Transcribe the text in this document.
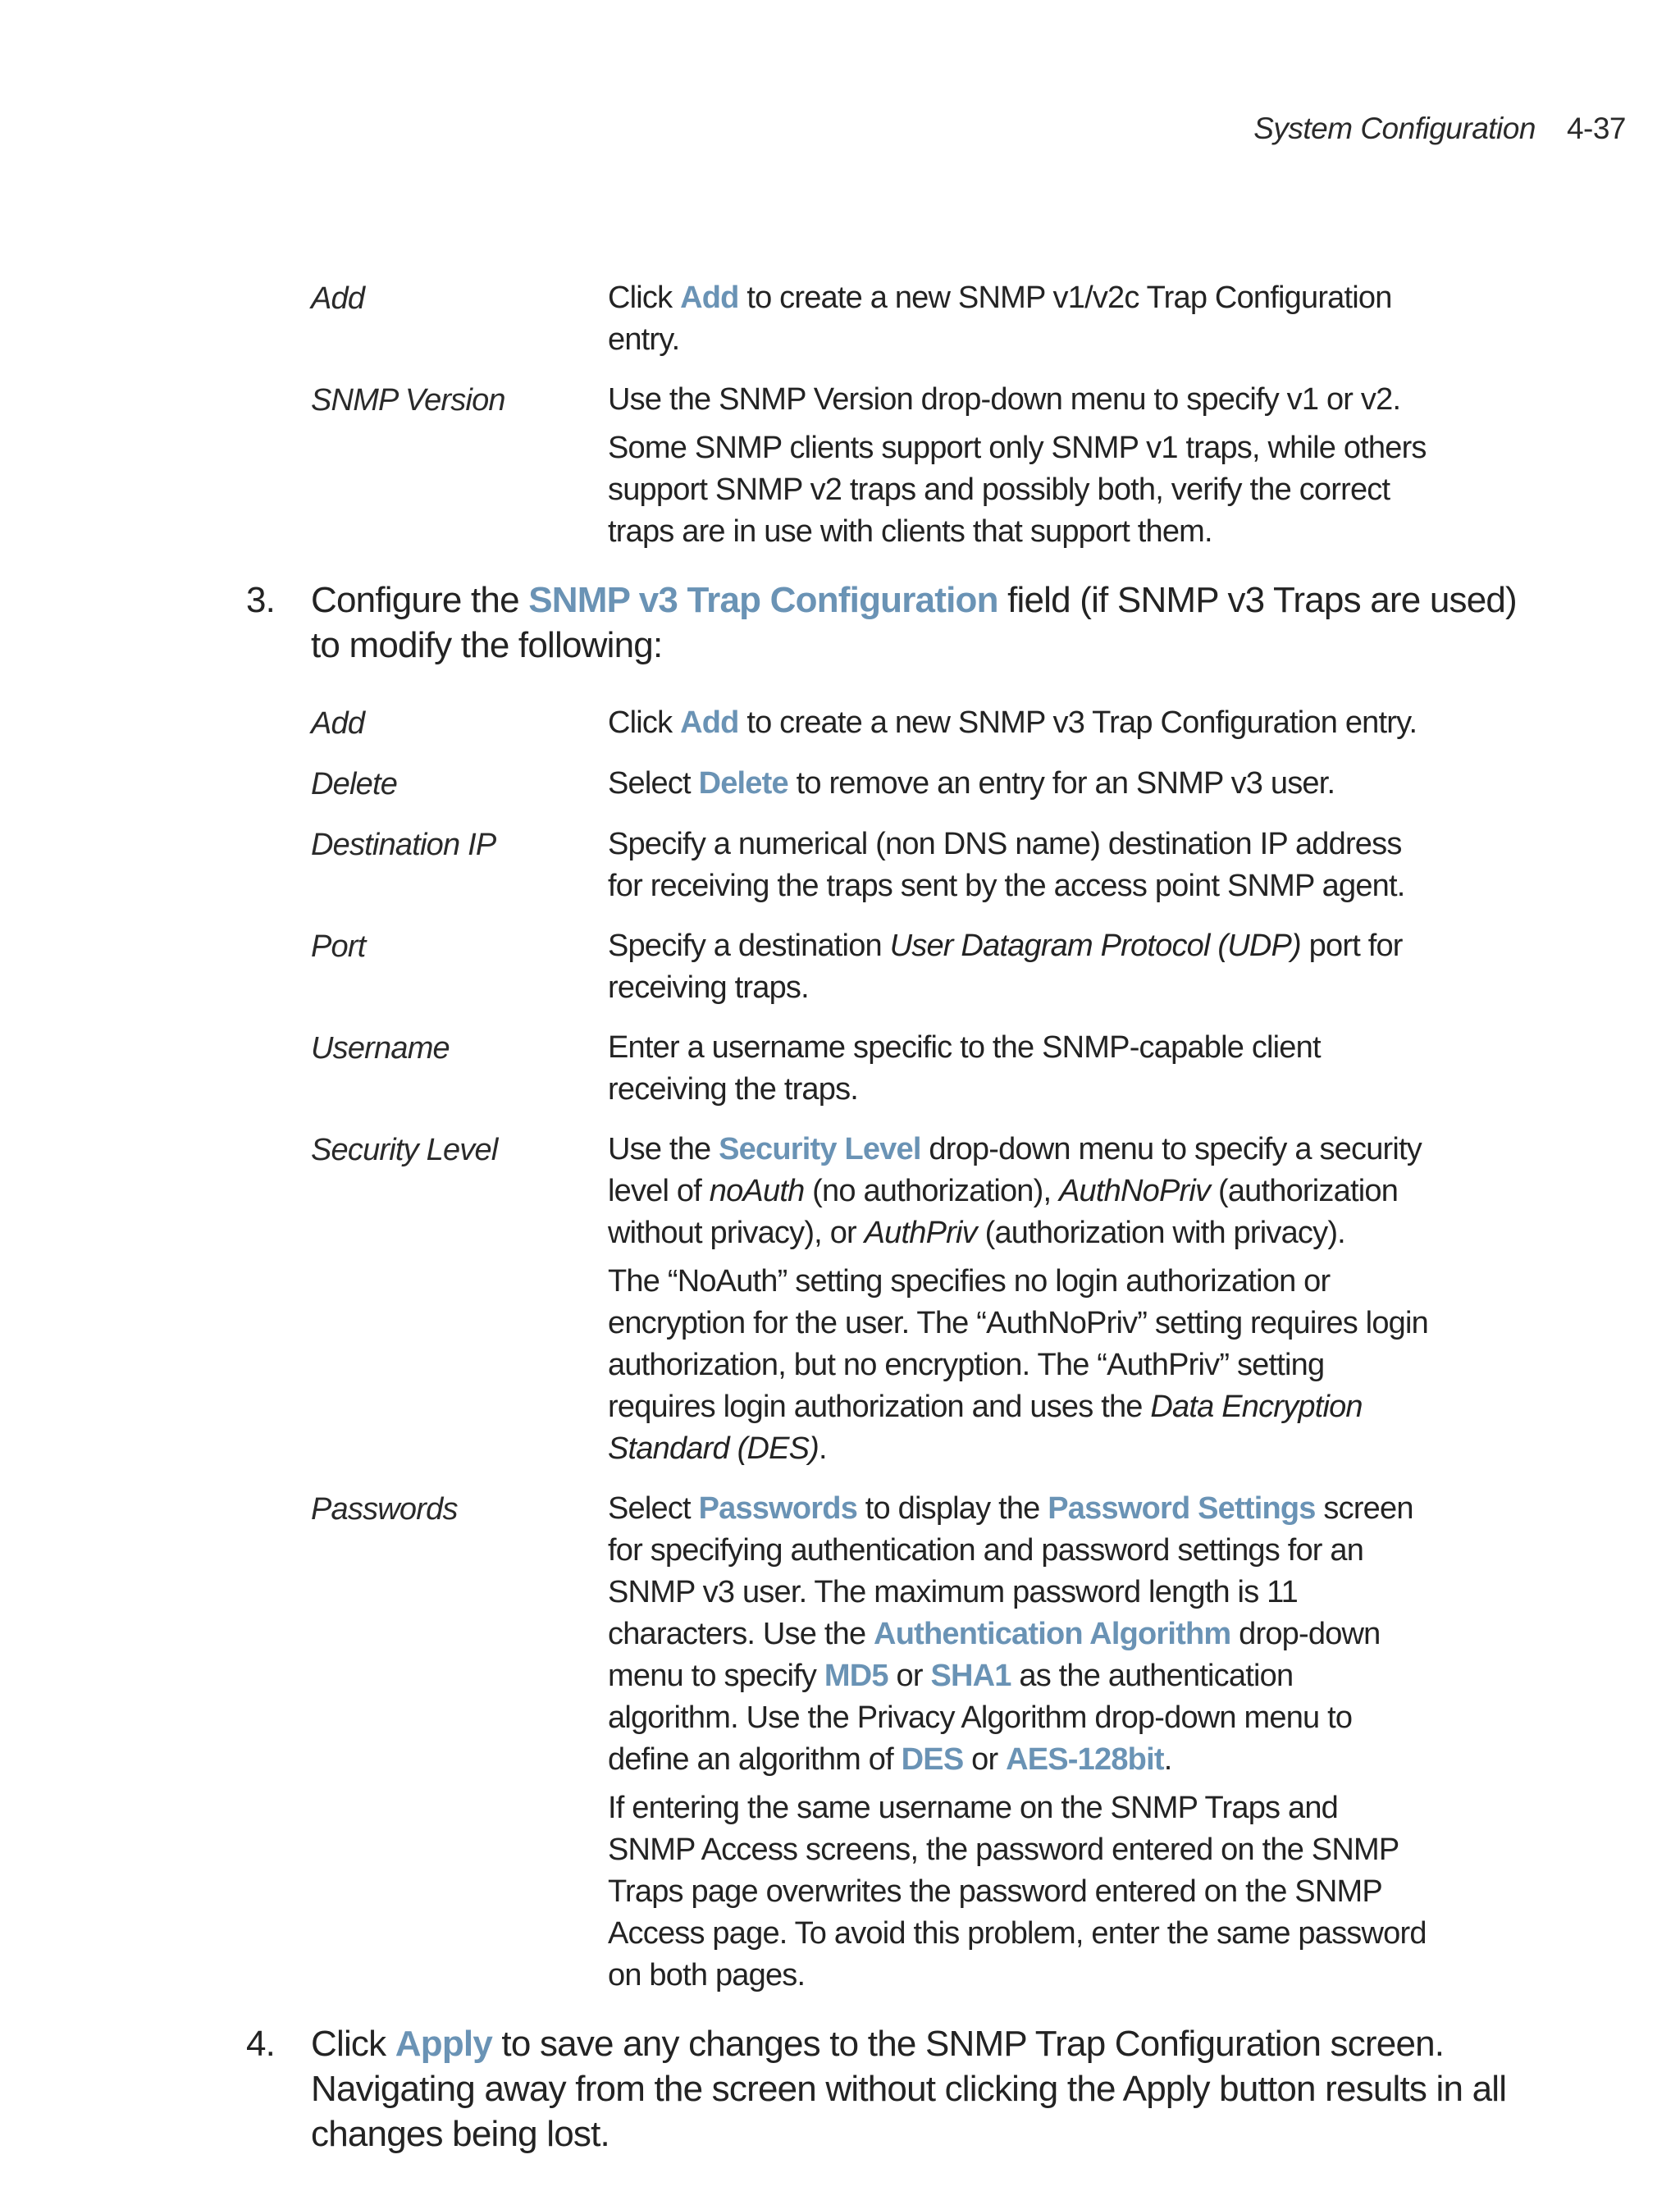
System Configuration 4-37
Add	Click Add to create a new SNMP v1/v2c Trap Configuration entry.

SNMP Version	Use the SNMP Version drop-down menu to specify v1 or v2.

Some SNMP clients support only SNMP v1 traps, while others support SNMP v2 traps and possibly both, verify the correct traps are in use with clients that support them.

3. Configure the SNMP v3 Trap Configuration field (if SNMP v3 Traps are used) to modify the following:
Add	Click Add to create a new SNMP v3 Trap Configuration entry.

Delete	Select Delete to remove an entry for an SNMP v3 user.

Destination IP	Specify a numerical (non DNS name) destination IP address for receiving the traps sent by the access point SNMP agent.

Port	Specify a destination User Datagram Protocol (UDP) port for receiving traps.

Username	Enter a username specific to the SNMP-capable client receiving the traps.

Security Level	Use the Security Level drop-down menu to specify a security level of noAuth (no authorization), AuthNoPriv (authorization without privacy), or AuthPriv (authorization with privacy).

The “NoAuth” setting specifies no login authorization or encryption for the user. The “AuthNoPriv” setting requires login authorization, but no encryption. The “AuthPriv” setting requires login authorization and uses the Data Encryption Standard (DES).

Passwords	Select Passwords to display the Password Settings screen for specifying authentication and password settings for an SNMP v3 user. The maximum password length is 11 characters. Use the Authentication Algorithm drop-down menu to specify MD5 or SHA1 as the authentication algorithm. Use the Privacy Algorithm drop-down menu to define an algorithm of DES or AES-128bit.

If entering the same username on the SNMP Traps and SNMP Access screens, the password entered on the SNMP Traps page overwrites the password entered on the SNMP Access page. To avoid this problem, enter the same password on both pages.

4. Click Apply to save any changes to the SNMP Trap Configuration screen. Navigating away from the screen without clicking the Apply button results in all changes being lost.
